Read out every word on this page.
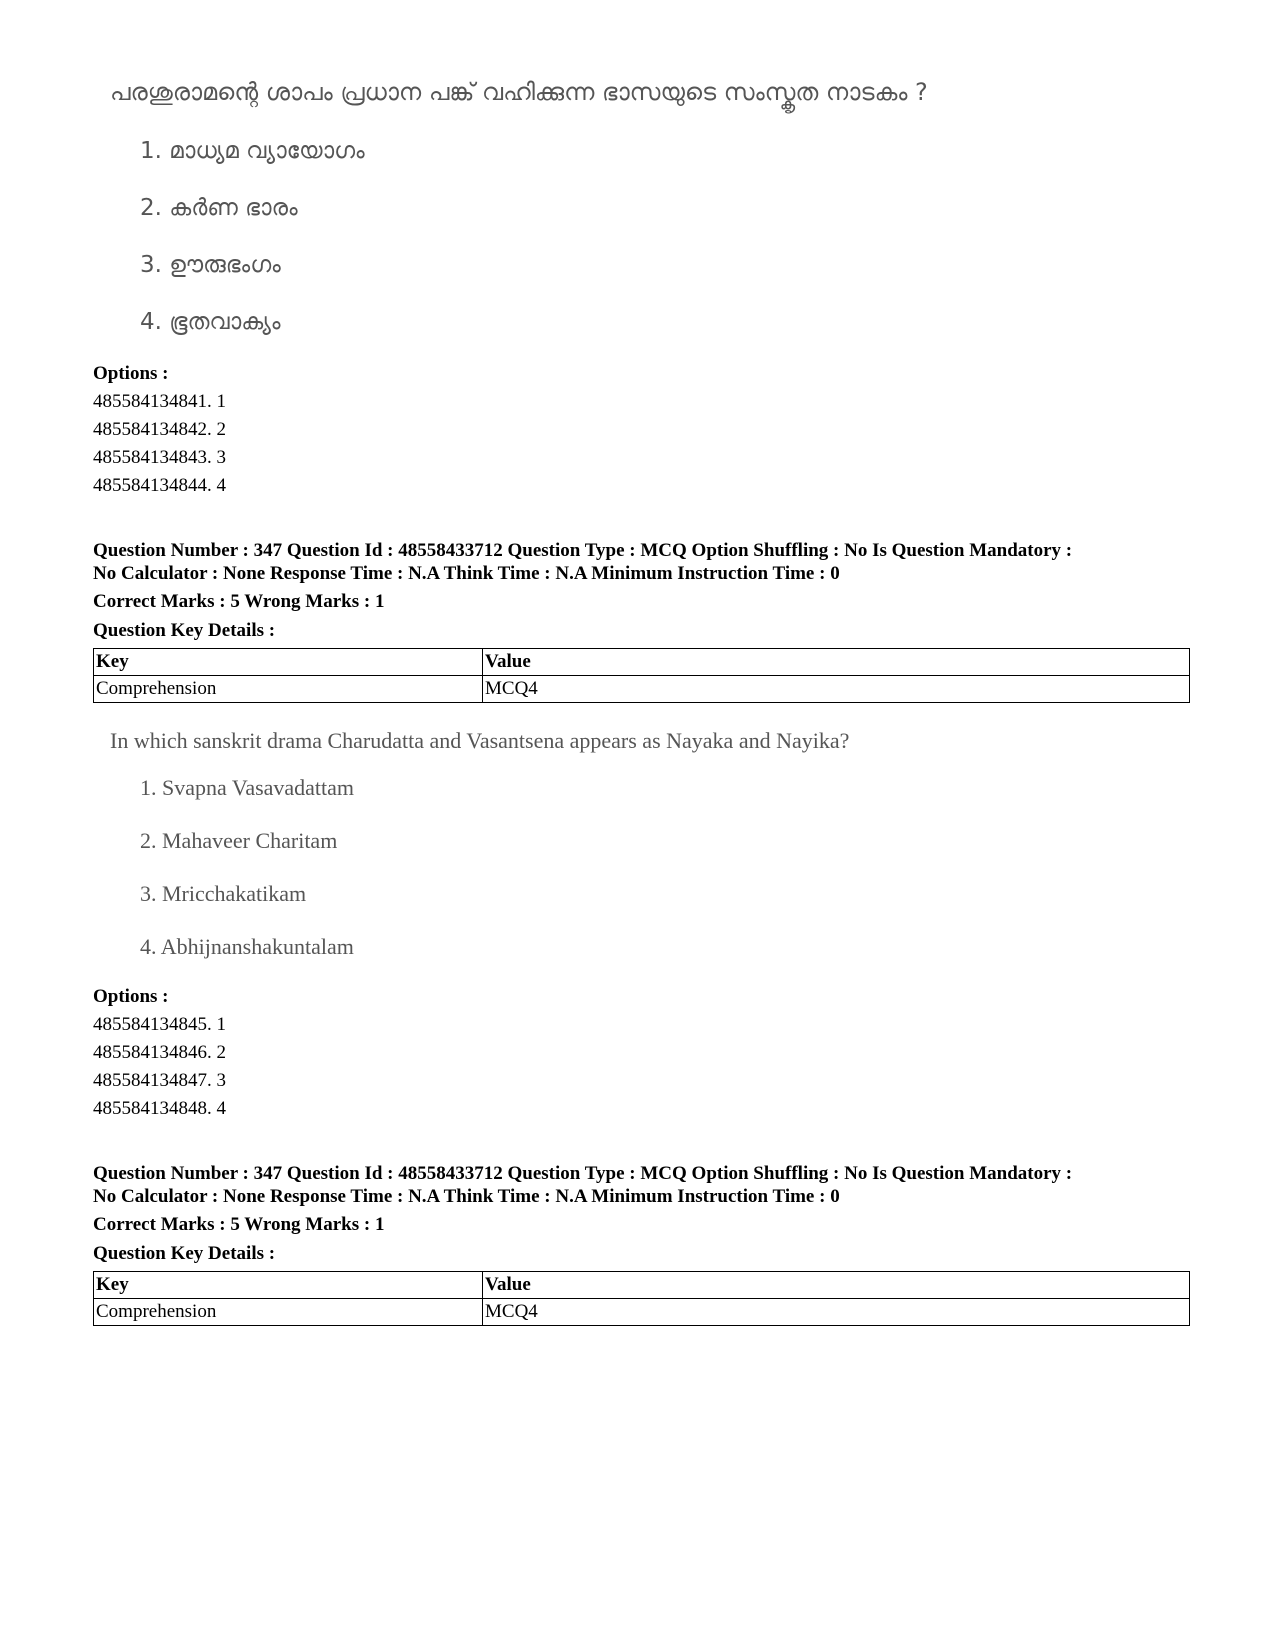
പരശുരാമന്റെ ശാപം പ്രധാന പങ്ക് വഹിക്കുന്ന ഭാസയുടെ സംസ്കൃത നാടകം ?
1. മാധ്യമ വ്യായോഗം
2. കർണ ഭാരം
3. ഊരുഭംഗം
4. ഭൂതവാക്യം
Options :
485584134841. 1
485584134842. 2
485584134843. 3
485584134844. 4
Question Number : 347 Question Id : 48558433712 Question Type : MCQ Option Shuffling : No Is Question Mandatory :
No Calculator : None Response Time : N.A Think Time : N.A Minimum Instruction Time : 0
Correct Marks : 5 Wrong Marks : 1
Question Key Details :
Key	Value
Comprehension	MCQ4
In which sanskrit drama Charudatta and Vasantsena appears as Nayaka and Nayika?
1. Svapna Vasavadattam
2. Mahaveer Charitam
3. Mricchakatikam
4. Abhijnanshakuntalam
Options :
485584134845. 1
485584134846. 2
485584134847. 3
485584134848. 4
Question Number : 347 Question Id : 48558433712 Question Type : MCQ Option Shuffling : No Is Question Mandatory :
No Calculator : None Response Time : N.A Think Time : N.A Minimum Instruction Time : 0
Correct Marks : 5 Wrong Marks : 1
Question Key Details :
Key	Value
Comprehension	MCQ4
